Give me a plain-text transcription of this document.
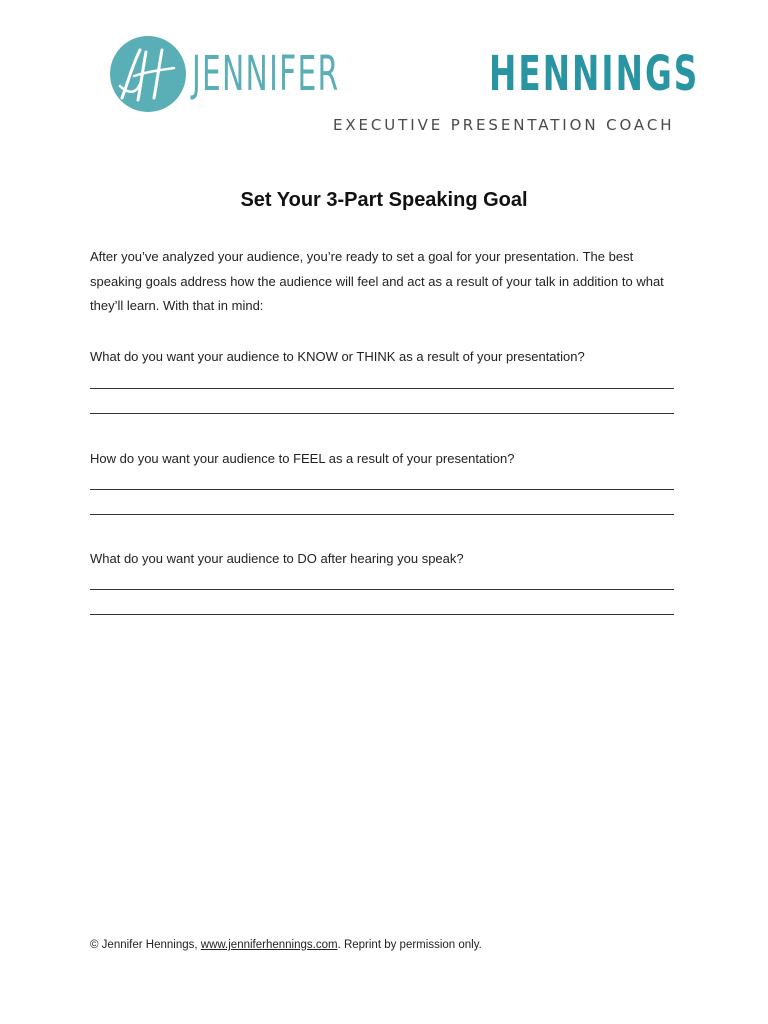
JH JENNIFER	HENNINGS
EXECUTIVE PRESENTATION COACH
Set Your 3-Part Speaking Goal

After you’ve analyzed your audience, you’re ready to set a goal for your presentation. The best speaking goals address how the audience will feel and act as a result of your talk in addition to what they’ll learn. With that in mind:

What do you want your audience to KNOW or THINK as a result of your presentation?

How do you want your audience to FEEL as a result of your presentation?

What do you want your audience to DO after hearing you speak?

© Jennifer Hennings, www.jenniferhennings.com. Reprint by permission only.
